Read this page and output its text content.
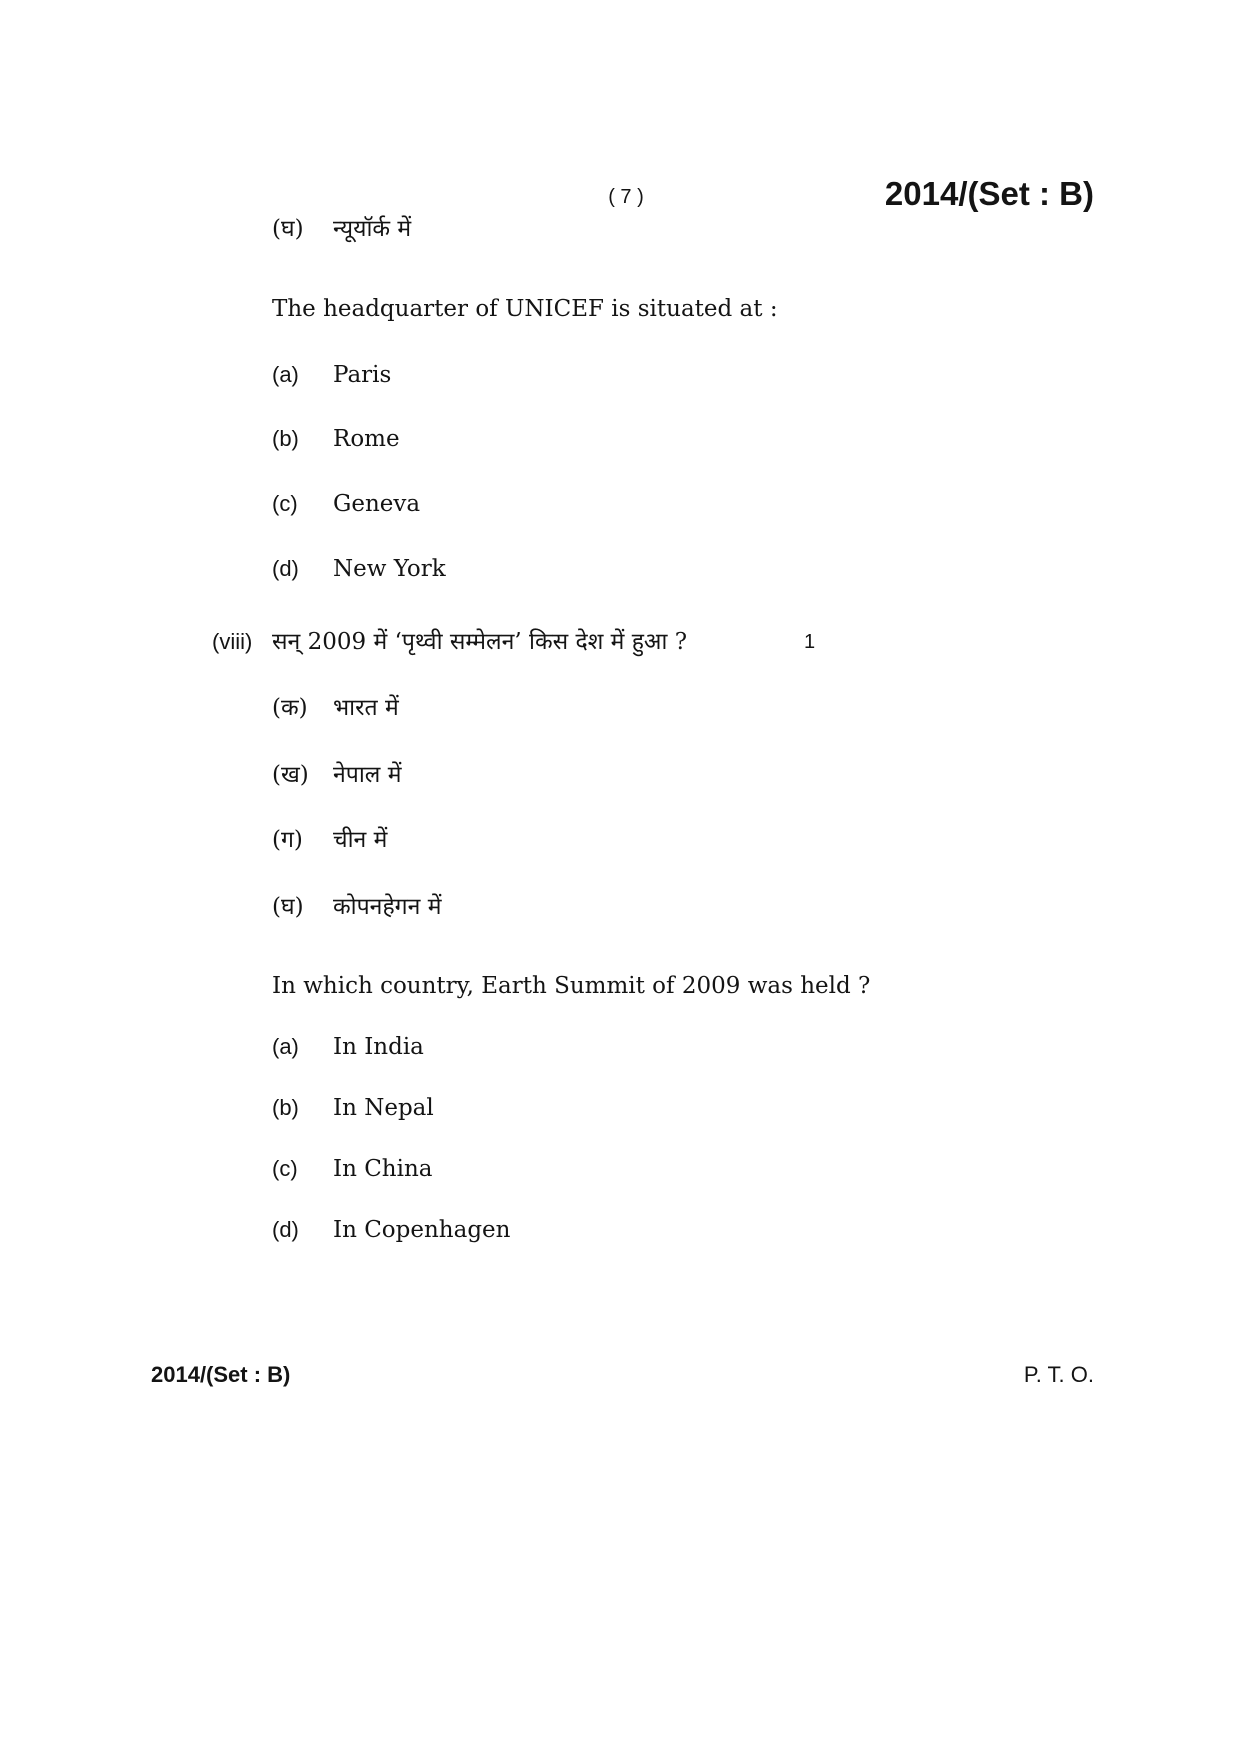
( 7 )	2014/(Set : B)
(घ) न्यूयॉर्क में
The headquarter of UNICEF is situated at :
(a) Paris
(b) Rome
(c) Geneva
(d) New York
(viii) सन् 2009 में ‘पृथ्वी सम्मेलन’ किस देश में हुआ ?	1
(क) भारत में
(ख) नेपाल में
(ग) चीन में
(घ) कोपनहेगन में
In which country, Earth Summit of 2009 was held ?
(a) In India
(b) In Nepal
(c) In China
(d) In Copenhagen
2014/(Set : B)	P. T. O.
